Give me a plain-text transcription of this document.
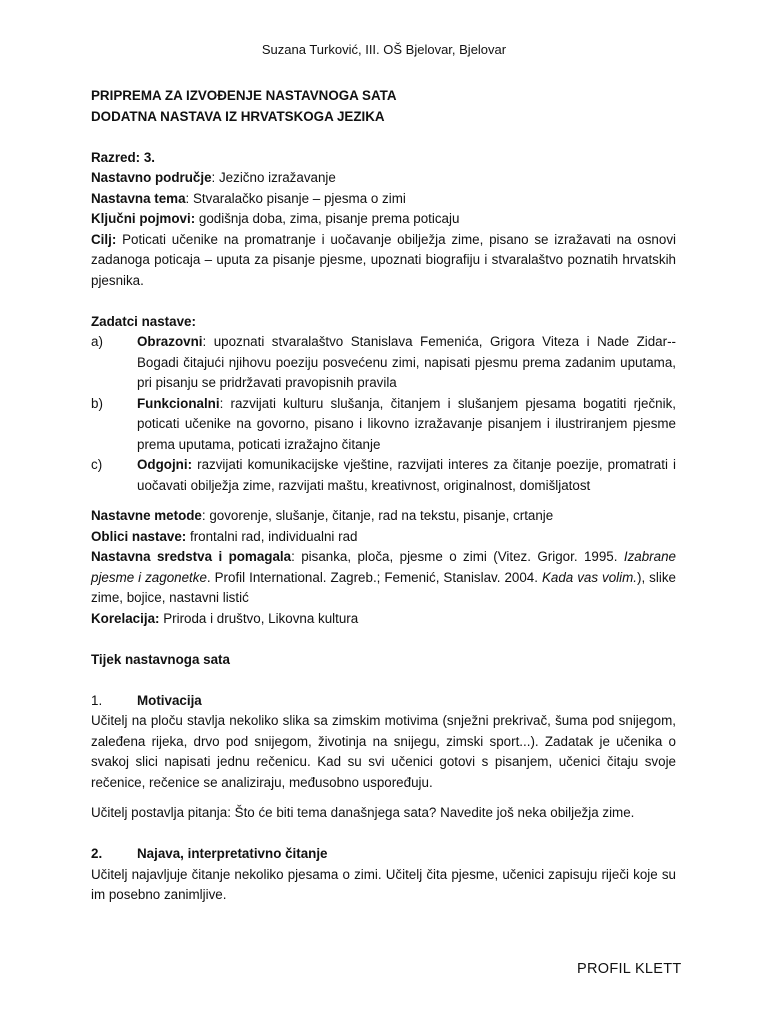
Suzana Turković, III. OŠ Bjelovar, Bjelovar

PRIPREMA ZA IZVOĐENJE NASTAVNOGA SATA

DODATNA NASTAVA IZ HRVATSKOGA JEZIKA

Razred: 3.

Nastavno područje: Jezično izražavanje

Nastavna tema: Stvaralačko pisanje – pjesma o zimi

Ključni pojmovi: godišnja doba, zima, pisanje prema poticaju

Cilj: Poticati učenike na promatranje i uočavanje obilježja zime, pisano se izražavati na osnovi zadanoga poticaja – uputa za pisanje pjesme, upoznati biografiju i stvaralaštvo poznatih hrvatskih pjesnika.

Zadatci nastave:

a)	Obrazovni: upoznati stvaralaštvo Stanislava Femenića, Grigora Viteza i Nade Zidar--Bogadi čitajući njihovu poeziju posvećenu zimi, napisati pjesmu prema zadanim uputama, pri pisanju se pridržavati pravopisnih pravila
b)	Funkcionalni: razvijati kulturu slušanja, čitanjem i slušanjem pjesama bogatiti rječnik, poticati učenike na govorno, pisano i likovno izražavanje pisanjem i ilustriranjem pjesme prema uputama, poticati izražajno čitanje
c)	Odgojni: razvijati komunikacijske vještine, razvijati interes za čitanje poezije, promatrati i uočavati obilježja zime, razvijati maštu, kreativnost, originalnost, domišljatost

Nastavne metode: govorenje, slušanje, čitanje, rad na tekstu, pisanje, crtanje

Oblici nastave: frontalni rad, individualni rad

Nastavna sredstva i pomagala: pisanka, ploča, pjesme o zimi (Vitez. Grigor. 1995. Izabrane pjesme i zagonetke. Profil International. Zagreb.; Femenić, Stanislav. 2004. Kada vas volim.), slike zime, bojice, nastavni listić

Korelacija: Priroda i društvo, Likovna kultura

Tijek nastavnoga sata

1.	Motivacija

Učitelj na ploču stavlja nekoliko slika sa zimskim motivima (snježni prekrivač, šuma pod snijegom, zaleđena rijeka, drvo pod snijegom, životinja na snijegu, zimski sport...). Zadatak je učenika o svakoj slici napisati jednu rečenicu. Kad su svi učenici gotovi s pisanjem, učenici čitaju svoje rečenice, rečenice se analiziraju, međusobno uspoređuju.

Učitelj postavlja pitanja: Što će biti tema današnjega sata? Navedite još neka obilježja zime.

2.	Najava, interpretativno čitanje

Učitelj najavljuje čitanje nekoliko pjesama o zimi. Učitelj čita pjesme, učenici zapisuju riječi koje su im posebno zanimljive.

PROFIL KLETT
